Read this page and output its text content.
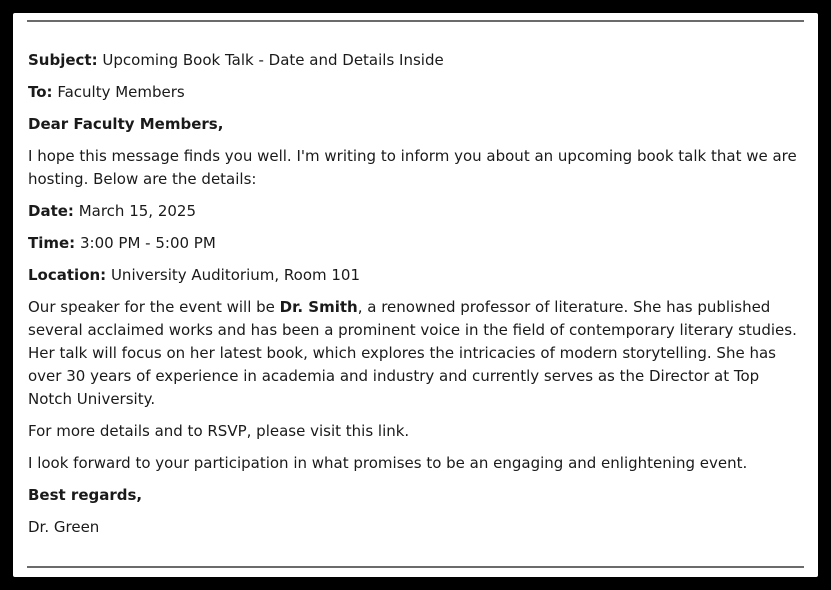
Subject: Upcoming Book Talk - Date and Details Inside
To: Faculty Members
Dear Faculty Members,
I hope this message finds you well. I'm writing to inform you about an upcoming book talk that we are hosting. Below are the details:
Date: March 15, 2025
Time: 3:00 PM - 5:00 PM
Location: University Auditorium, Room 101
Our speaker for the event will be Dr. Smith, a renowned professor of literature. She has published several acclaimed works and has been a prominent voice in the field of contemporary literary studies. Her talk will focus on her latest book, which explores the intricacies of modern storytelling. She has over 30 years of experience in academia and industry and currently serves as the Director at Top Notch University.
For more details and to RSVP, please visit this link.
I look forward to your participation in what promises to be an engaging and enlightening event.
Best regards,
Dr. Green
